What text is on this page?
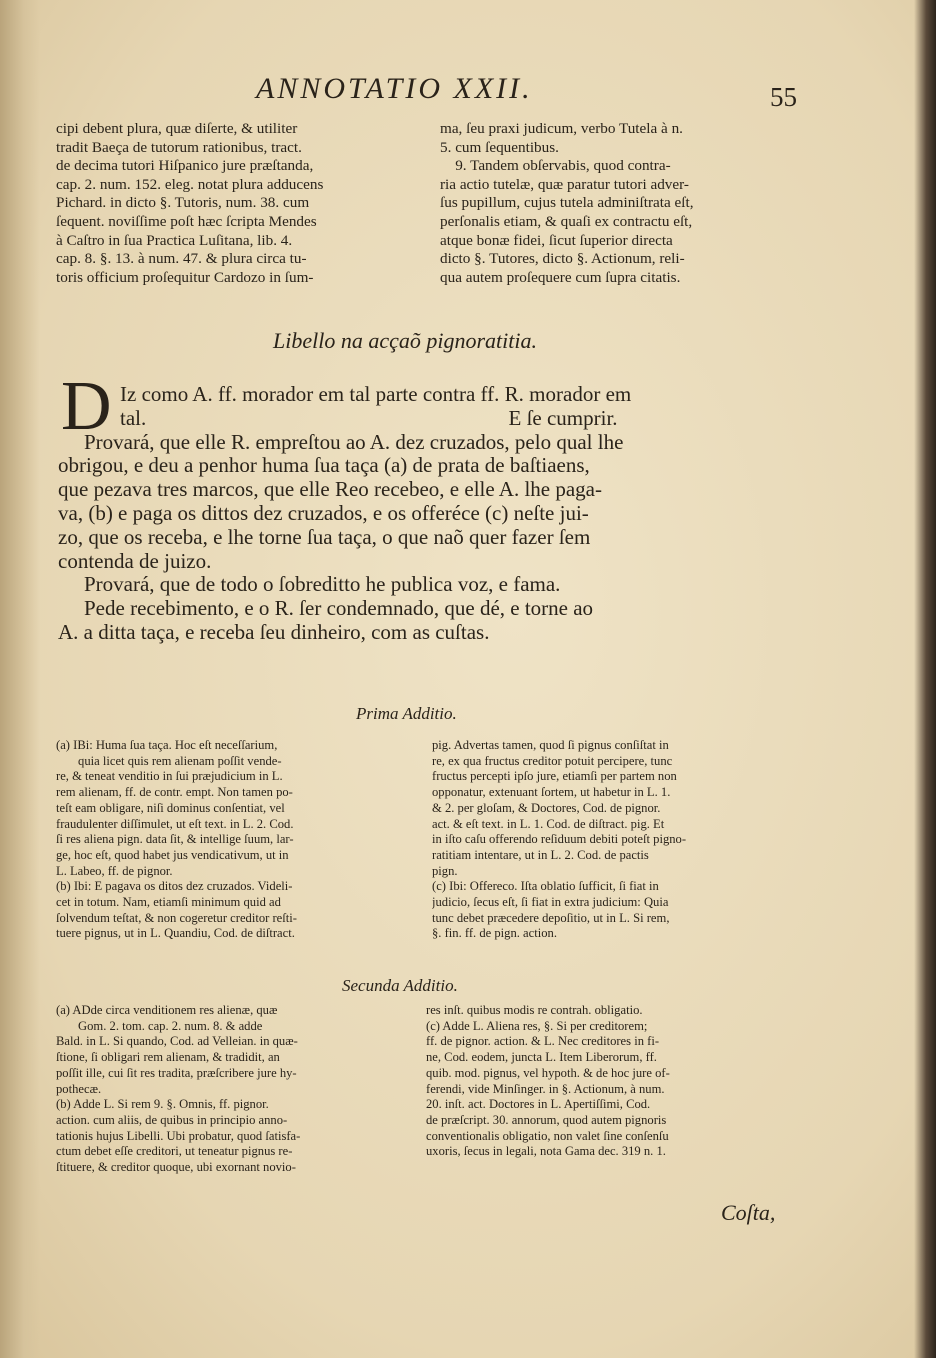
ANNOTATIO XXII.	55
cipi debent plura, quæ diſerte, & utiliter
tradit Baeça de tutorum rationibus, tract.
de decima tutori Hiſpanico jure præſtanda,
cap. 2. num. 152. eleg. notat plura adducens
Pichard. in dicto §. Tutoris, num. 38. cum
ſequent. noviſſime poſt hæc ſcripta Mendes
à Caſtro in ſua Practica Luſitana, lib. 4.
cap. 8. §. 13. à num. 47. & plura circa tu-
toris officium proſequitur Cardozo in ſum-
ma, ſeu praxi judicum, verbo Tutela à n.
5. cum ſequentibus.
9. Tandem obſervabis, quod contra-
ria actio tutelæ, quæ paratur tutori adver-
ſus pupillum, cujus tutela adminiſtrata eſt,
perſonalis etiam, & quaſi ex contractu eſt,
atque bonæ fidei, ſicut ſuperior directa
dicto §. Tutores, dicto §. Actionum, reli-
qua autem proſequere cum ſupra citatis.
Libello na acçaõ pignoratitia.
D Iz como A. ff. morador em tal parte contra ff. R. morador em
tal.                                                                     E ſe cumprir.
Provará, que elle R. empreſtou ao A. dez cruzados, pelo qual lhe
obrigou, e deu a penhor huma ſua taça (a) de prata de baſtiaens,
que pezava tres marcos, que elle Reo recebeo, e elle A. lhe paga-
va, (b) e paga os dittos dez cruzados, e os offeréce (c) neſte jui-
zo, que os receba, e lhe torne ſua taça, o que naõ quer fazer ſem
contenda de juizo.
Provará, que de todo o ſobreditto he publica voz, e fama.
Pede recebimento, e o R. ſer condemnado, que dé, e torne ao
A. a ditta taça, e receba ſeu dinheiro, com as cuſtas.
Prima Additio.
(a) IBi: Huma ſua taça. Hoc eſt neceſſarium,
quia licet quis rem alienam poſſit vende-
re, & teneat venditio in ſui præjudicium in L.
rem alienam, ff. de contr. empt. Non tamen po-
teſt eam obligare, niſi dominus conſentiat, vel
fraudulenter diſſimulet, ut eſt text. in L. 2. Cod.
ſi res aliena pign. data ſit, & intellige ſuum, lar-
ge, hoc eſt, quod habet jus vendicativum, ut in
L. Labeo, ff. de pignor.
(b) Ibi: E pagava os ditos dez cruzados. Videli-
cet in totum. Nam, etiamſi minimum quid ad
ſolvendum teſtat, & non cogeretur creditor reſti-
tuere pignus, ut in L. Quandiu, Cod. de diſtract.
pig. Advertas tamen, quod ſi pignus conſiſtat in
re, ex qua fructus creditor potuit percipere, tunc
fructus percepti ipſo jure, etiamſi per partem non
opponatur, extenuant ſortem, ut habetur in L. 1.
& 2. per gloſam, & Doctores, Cod. de pignor.
act. & eſt text. in L. 1. Cod. de diſtract. pig. Et
in iſto caſu offerendo reſiduum debiti poteſt pigno-
ratitiam intentare, ut in L. 2. Cod. de pactis
pign.
(c) Ibi: Offereco. Iſta oblatio ſufficit, ſi fiat in
judicio, ſecus eſt, ſi fiat in extra judicium: Quia
tunc debet præcedere depoſitio, ut in L. Si rem,
§. fin. ff. de pign. action.
Secunda Additio.
(a) ADde circa venditionem res alienæ, quæ
Gom. 2. tom. cap. 2. num. 8. & adde
Bald. in L. Si quando, Cod. ad Velleian. in quæ-
ſtione, ſi obligari rem alienam, & tradidit, an
poſſit ille, cui ſit res tradita, præſcribere jure hy-
pothecæ.
(b) Adde L. Si rem 9. §. Omnis, ff. pignor.
action. cum aliis, de quibus in principio anno-
tationis hujus Libelli. Ubi probatur, quod ſatisfa-
ctum debet eſſe creditori, ut teneatur pignus re-
ſtituere, & creditor quoque, ubi exornant novio-
res inſt. quibus modis re contrah. obligatio.
(c) Adde L. Aliena res, §. Si per creditorem;
ff. de pignor. action. & L. Nec creditores in fi-
ne, Cod. eodem, juncta L. Item Liberorum, ff.
quib. mod. pignus, vel hypoth. & de hoc jure of-
ferendi, vide Minſinger. in §. Actionum, à num.
20. inſt. act. Doctores in L. Apertiſſimi, Cod.
de præſcript. 30. annorum, quod autem pignoris
conventionalis obligatio, non valet ſine conſenſu
uxoris, ſecus in legali, nota Gama dec. 319 n. 1.
Coſta,
